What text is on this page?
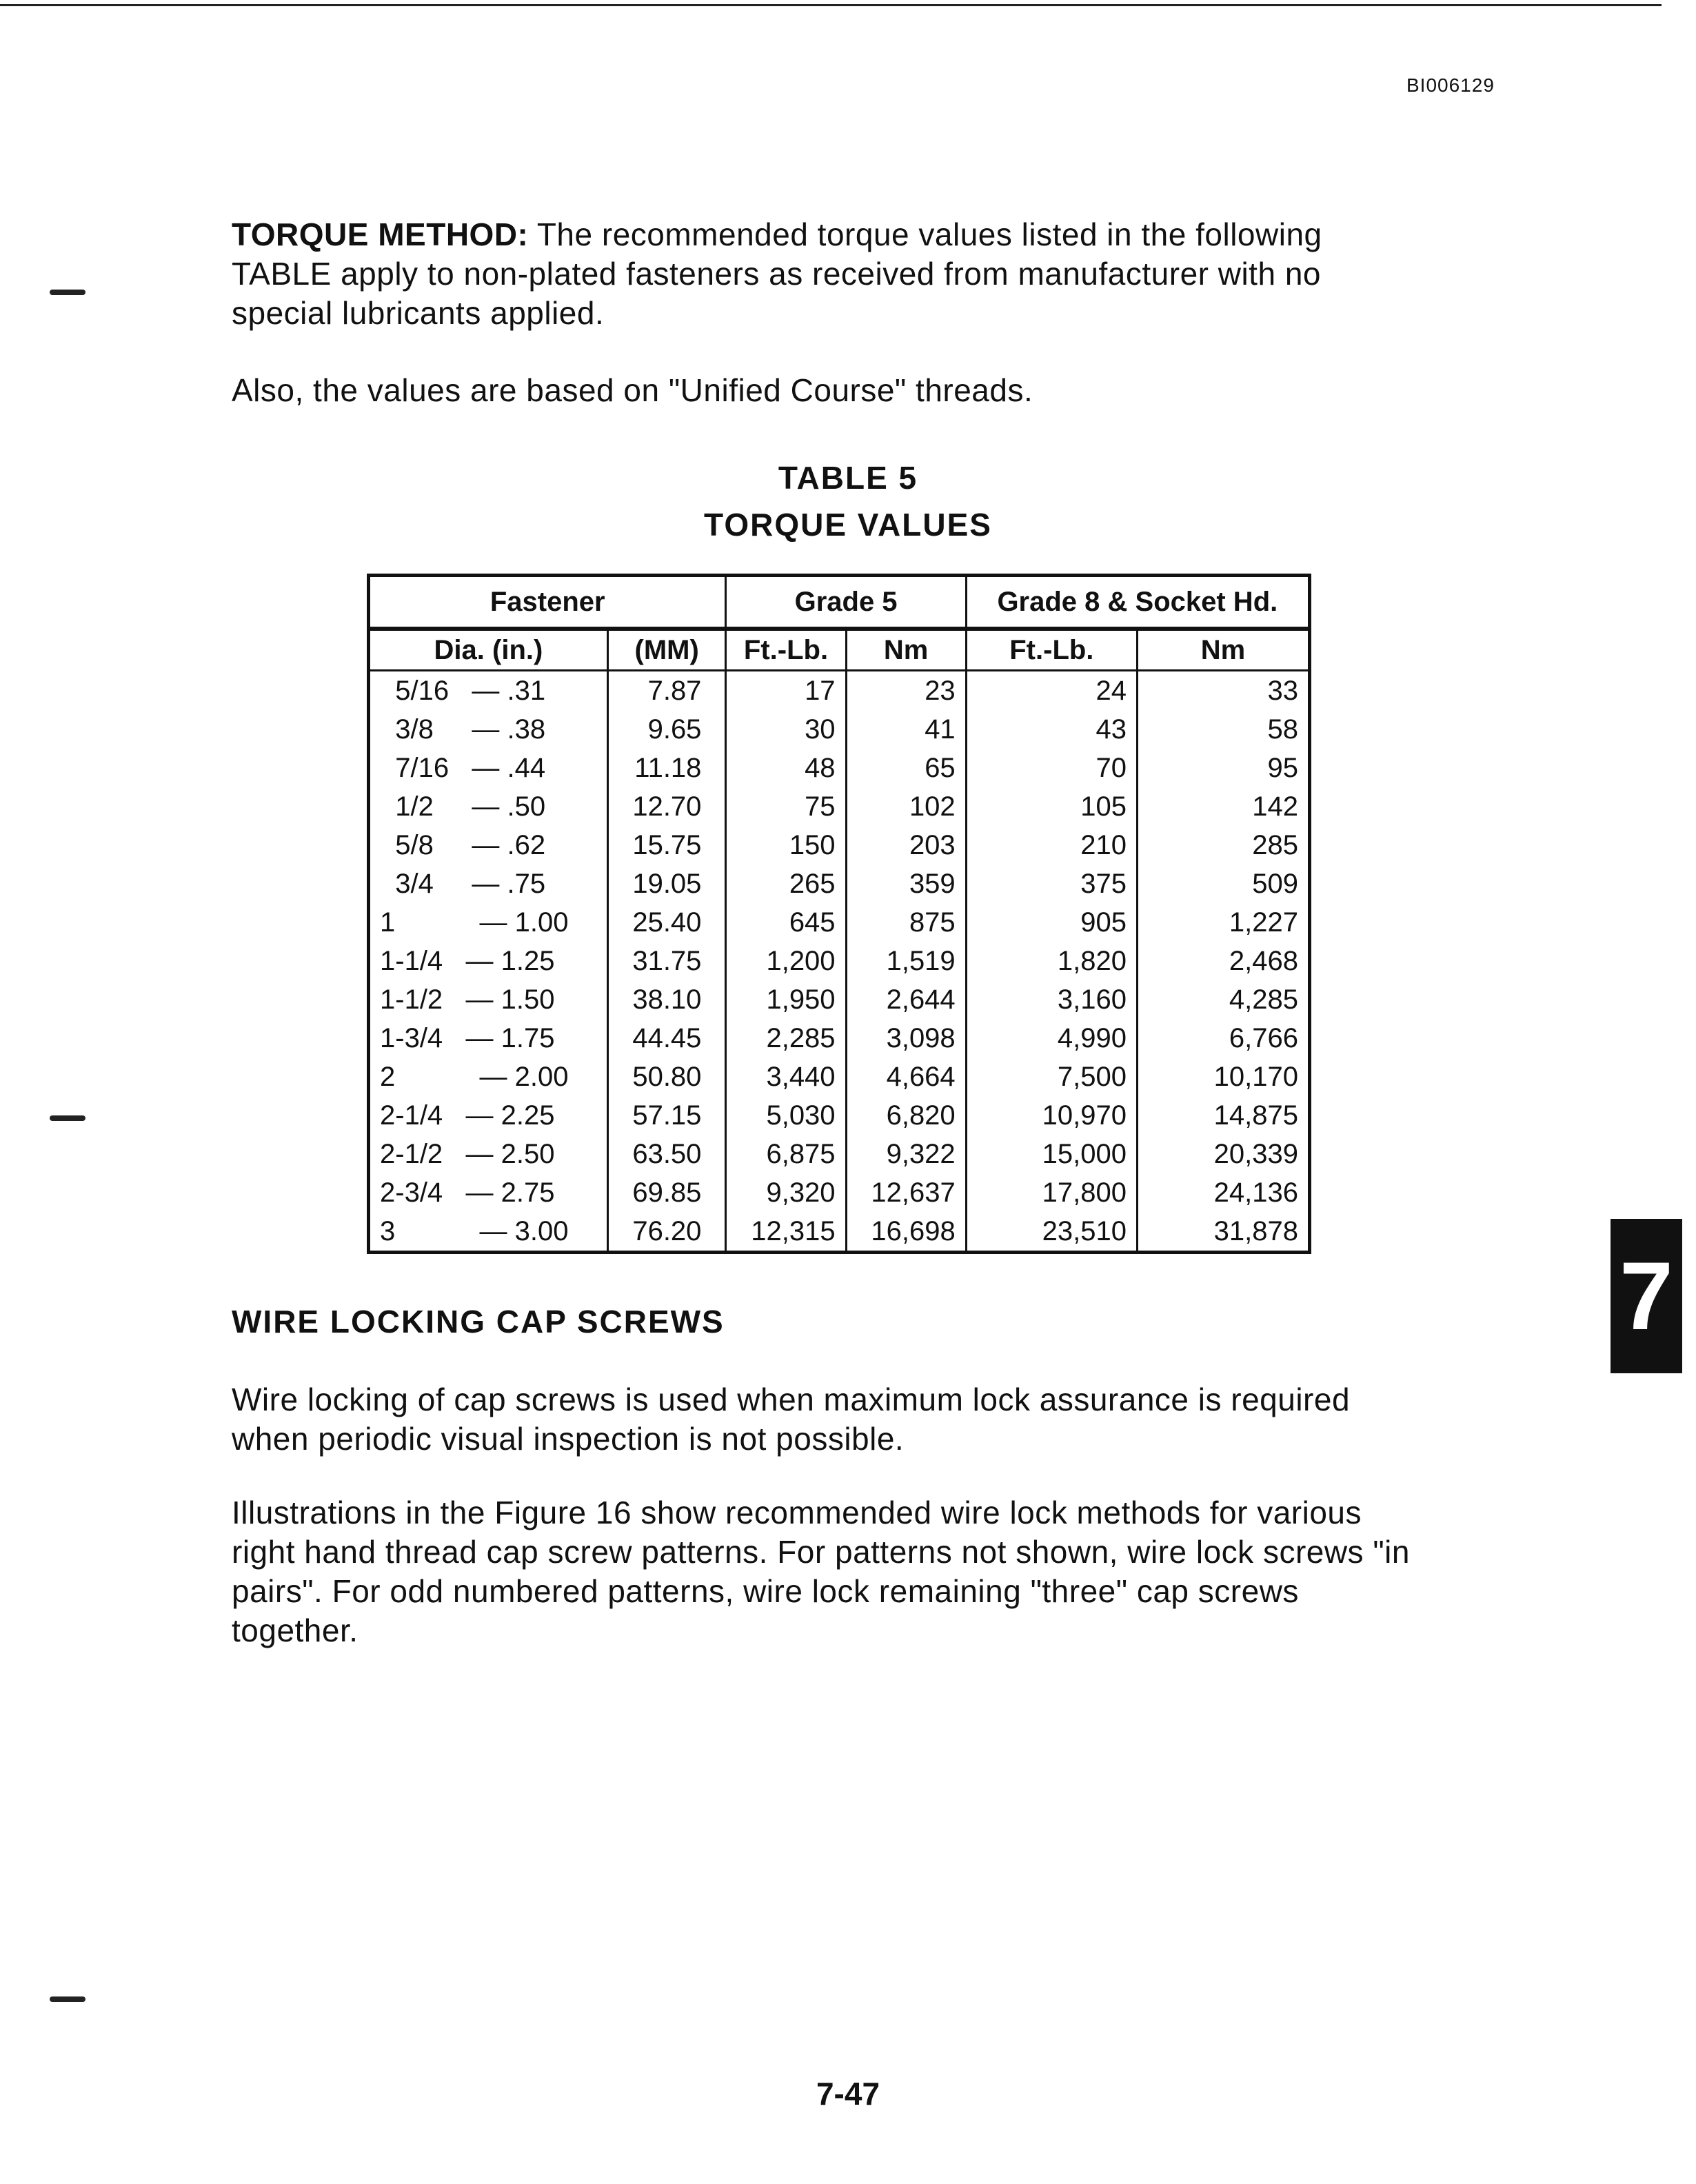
BI006129
TORQUE METHOD: The recommended torque values listed in the following TABLE apply to non-plated fasteners as received from manufacturer with no special lubricants applied.
Also, the values are based on "Unified Course" threads.
TABLE 5
TORQUE VALUES
Fastener		Grade 5		Grade 8 & Socket Hd.	
Dia. (in.)	(MM)	Ft.-Lb.	Nm	Ft.-Lb.	Nm
5/16   — .31	7.87	17	23	24	33
3/8     — .38	9.65	30	41	43	58
7/16   — .44	11.18	48	65	70	95
1/2     — .50	12.70	75	102	105	142
5/8     — .62	15.75	150	203	210	285
3/4     — .75	19.05	265	359	375	509
1           — 1.00	25.40	645	875	905	1,227
1-1/4   — 1.25	31.75	1,200	1,519	1,820	2,468
1-1/2   — 1.50	38.10	1,950	2,644	3,160	4,285
1-3/4   — 1.75	44.45	2,285	3,098	4,990	6,766
2           — 2.00	50.80	3,440	4,664	7,500	10,170
2-1/4   — 2.25	57.15	5,030	6,820	10,970	14,875
2-1/2   — 2.50	63.50	6,875	9,322	15,000	20,339
2-3/4   — 2.75	69.85	9,320	12,637	17,800	24,136
3           — 3.00	76.20	12,315	16,698	23,510	31,878
WIRE LOCKING CAP SCREWS
Wire locking of cap screws is used when maximum lock assurance is required when periodic visual inspection is not possible.
Illustrations in the Figure 16 show recommended wire lock methods for various right hand thread cap screw patterns. For patterns not shown, wire lock screws "in pairs". For odd numbered patterns, wire lock remaining "three" cap screws together.
7-47
7
